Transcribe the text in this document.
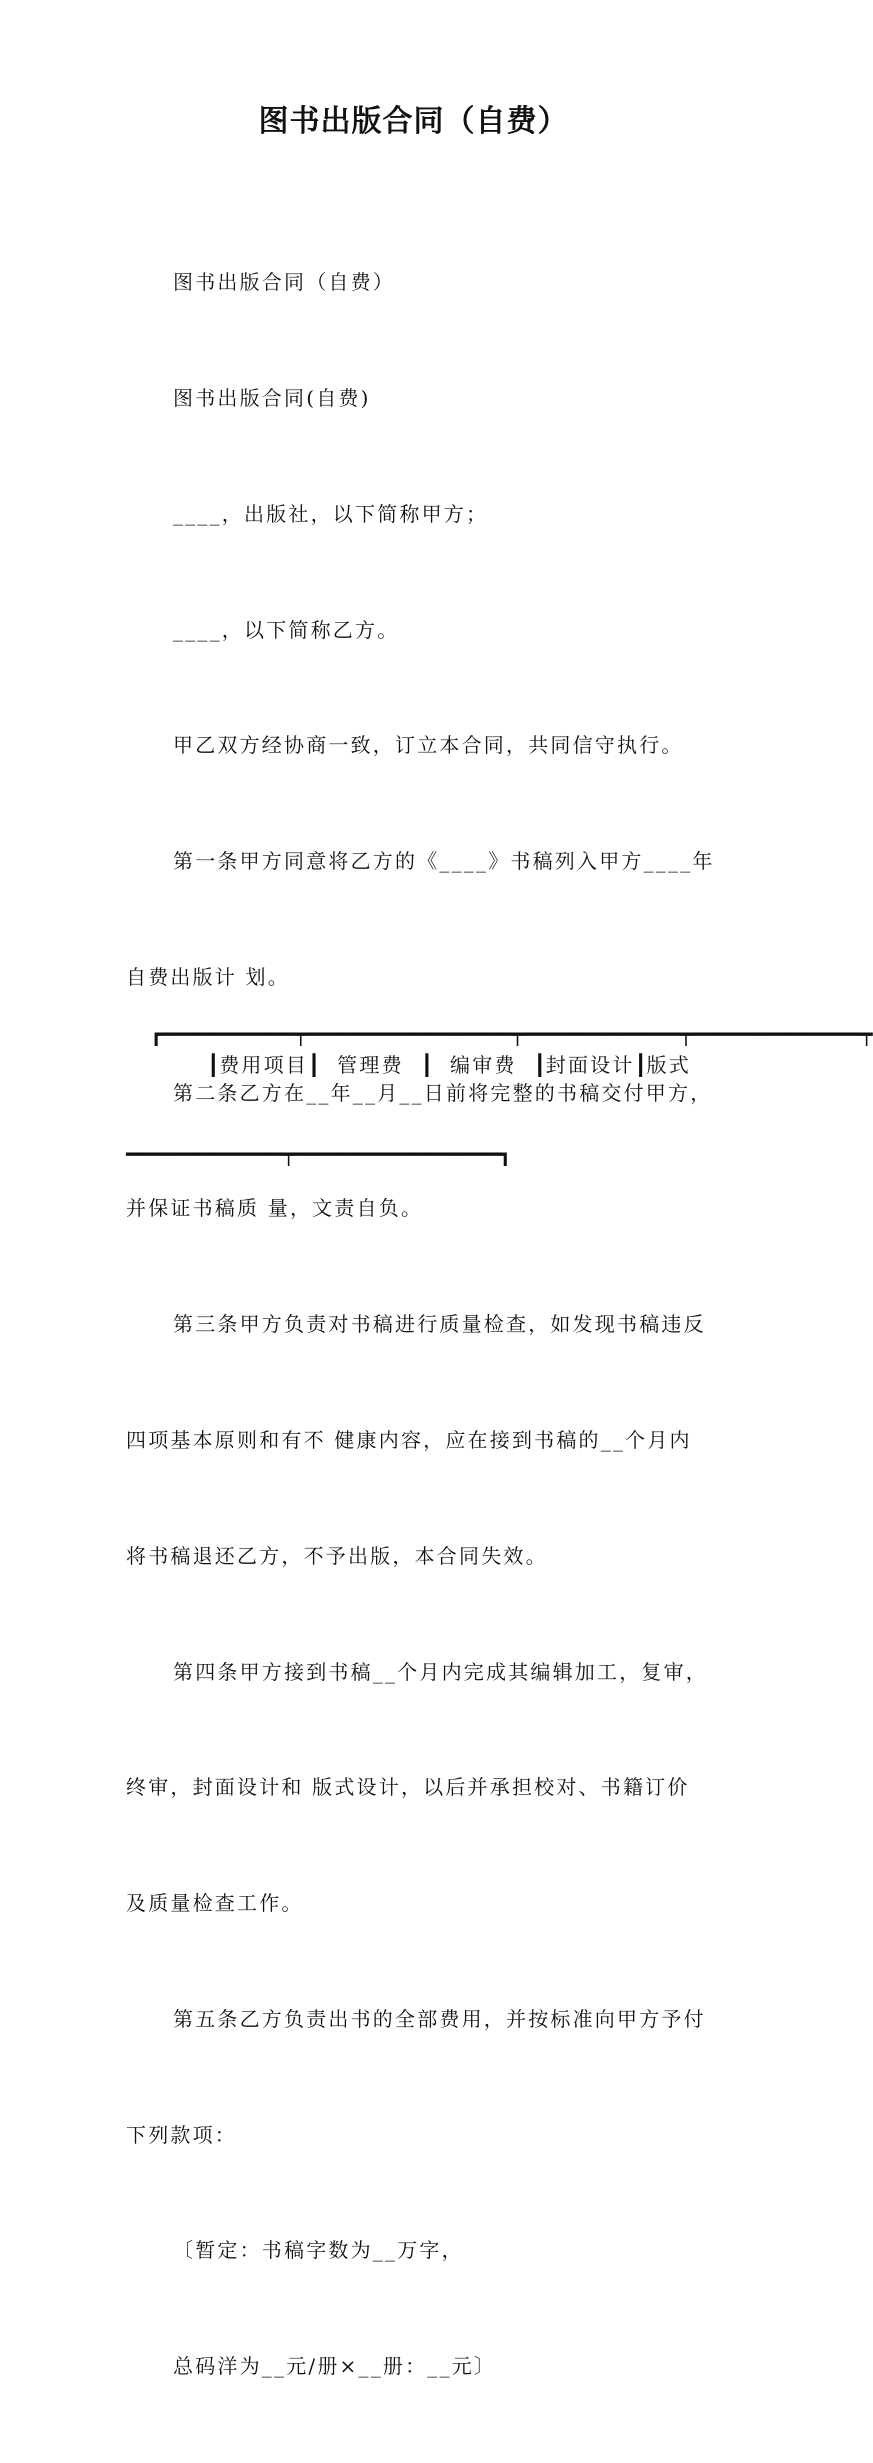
图书出版合同（自费）

图书出版合同（自费）

图书出版合同(自费)

____，出版社，以下简称甲方；

____，以下简称乙方。

甲乙双方经协商一致，订立本合同，共同信守执行。

第一条甲方同意将乙方的《____》书稿列入甲方____年

自费出版计 划。

第二条乙方在__年__月__日前将完整的书稿交付甲方，

并保证书稿质 量，文责自负。

第三条甲方负责对书稿进行质量检查，如发现书稿违反

四项基本原则和有不 健康内容，应在接到书稿的__个月内

将书稿退还乙方，不予出版，本合同失效。

第四条甲方接到书稿__个月内完成其编辑加工，复审，

终审，封面设计和 版式设计，以后并承担校对、书籍订价

及质量检查工作。

第五条乙方负责出书的全部费用，并按标准向甲方予付

下列款项：

〔暂定：书稿字数为__万字，

总码洋为__元/册×__册：__元〕

┏━━━━━━━━━━━┯━━━━━━━━━━━━━━━━━┯━━━━━━━━━━━━━┯━━━━━━━━━━━━━━┯

━━━━━━━━━━━━━┯━━━━━━━━━━━━━━━━━┓

┃费用项目┃ 管理费 ┃ 编审费 ┃封面设计┃版式
